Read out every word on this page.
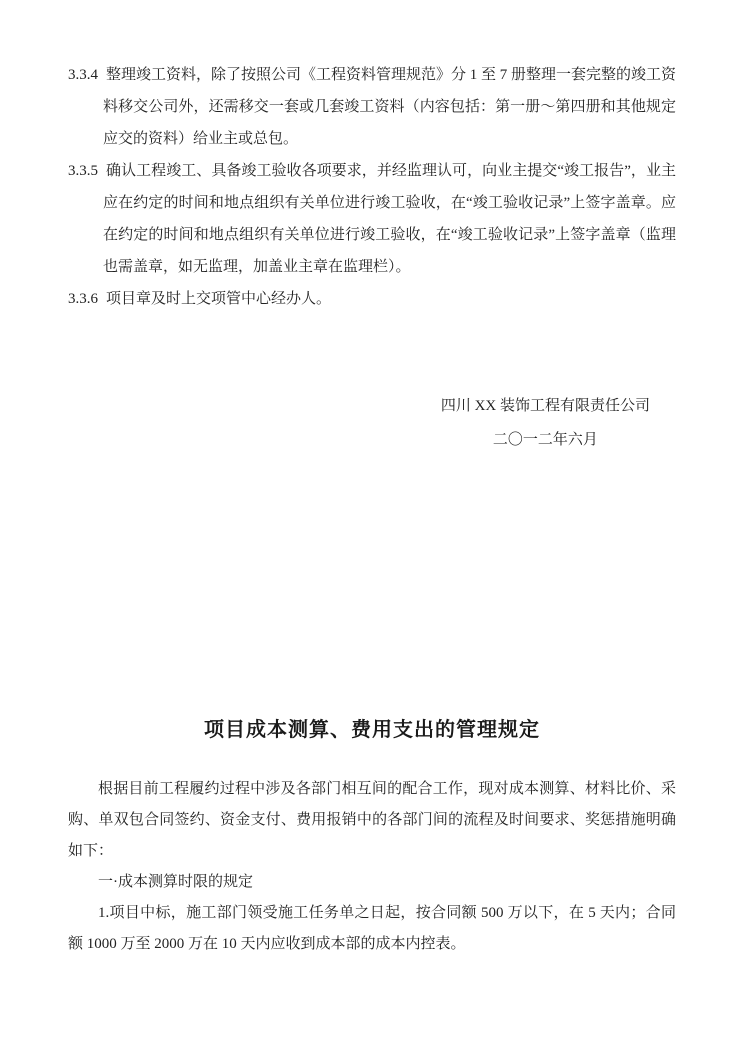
3.3.4 整理竣工资料，除了按照公司《工程资料管理规范》分 1 至 7 册整理一套完整的竣工资料移交公司外，还需移交一套或几套竣工资料（内容包括：第一册～第四册和其他规定应交的资料）给业主或总包。

3.3.5 确认工程竣工、具备竣工验收各项要求，并经监理认可，向业主提交“竣工报告”，业主应在约定的时间和地点组织有关单位进行竣工验收，在“竣工验收记录”上签字盖章。应在约定的时间和地点组织有关单位进行竣工验收，在“竣工验收记录”上签字盖章（监理也需盖章，如无监理，加盖业主章在监理栏）。

3.3.6 项目章及时上交项管中心经办人。

四川 XX 装饰工程有限责任公司
二〇一二年六月
项目成本测算、费用支出的管理规定

根据目前工程履约过程中涉及各部门相互间的配合工作，现对成本测算、材料比价、采购、单双包合同签约、资金支付、费用报销中的各部门间的流程及时间要求、奖惩措施明确如下：

一·成本测算时限的规定

1.项目中标，施工部门领受施工任务单之日起，按合同额 500 万以下，在 5 天内；合同额 1000 万至 2000 万在 10 天内应收到成本部的成本内控表。
